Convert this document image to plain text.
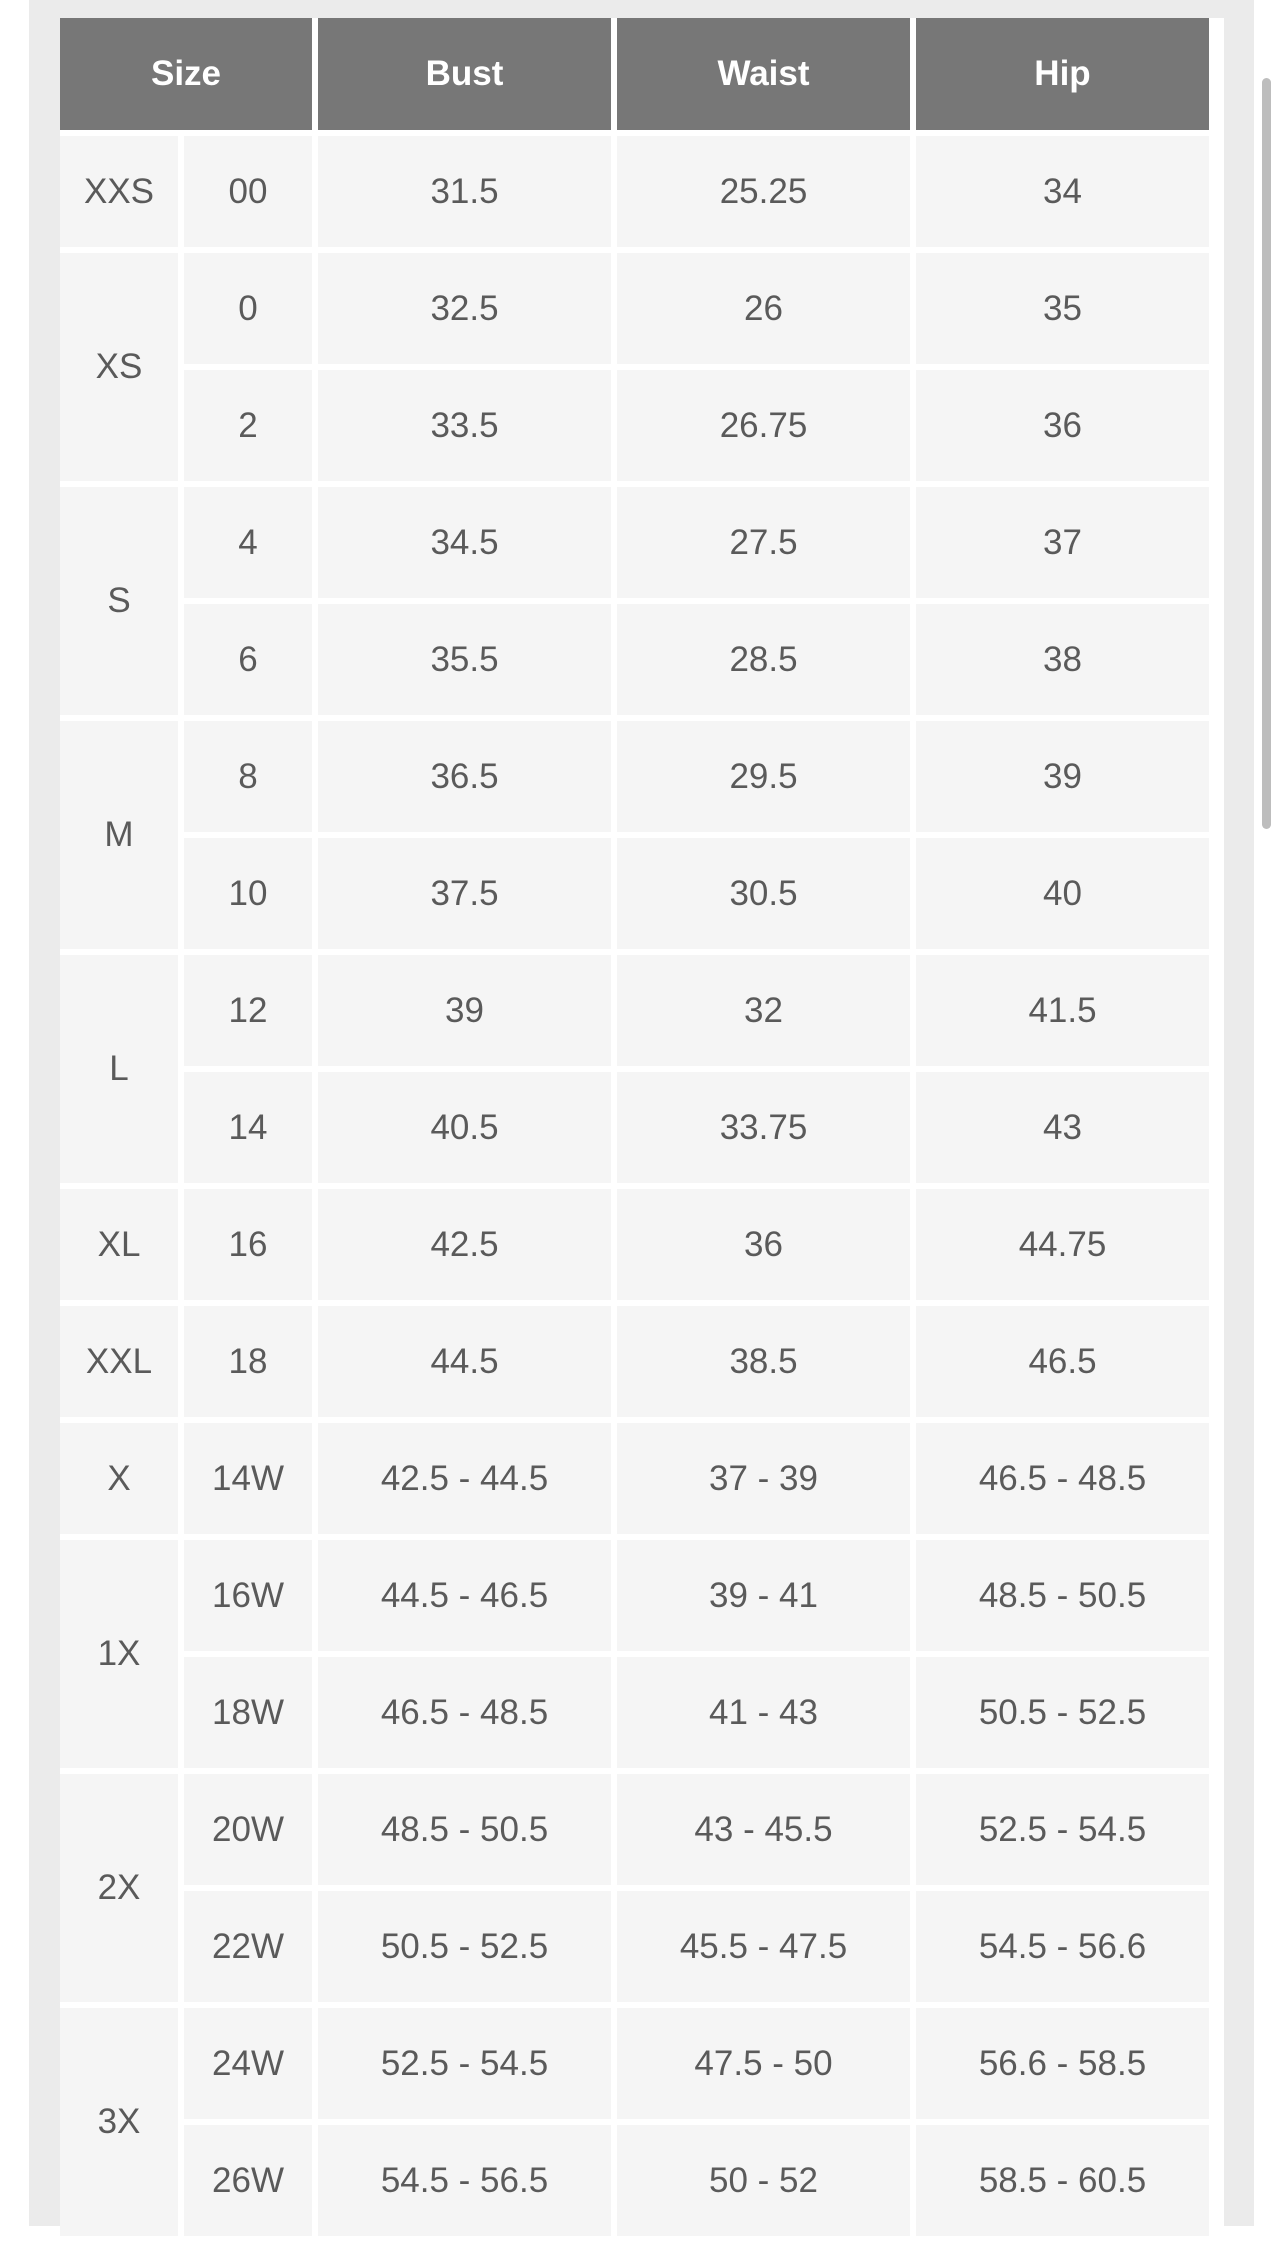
Size		Bust	Waist	Hip
XXS	00	31.5	25.25	34
XS	0	32.5	26	35
	2	33.5	26.75	36
S	4	34.5	27.5	37
	6	35.5	28.5	38
M	8	36.5	29.5	39
	10	37.5	30.5	40
L	12	39	32	41.5
	14	40.5	33.75	43
XL	16	42.5	36	44.75
XXL	18	44.5	38.5	46.5
X	14W	42.5 - 44.5	37 - 39	46.5 - 48.5
1X	16W	44.5 - 46.5	39 - 41	48.5 - 50.5
	18W	46.5 - 48.5	41 - 43	50.5 - 52.5
2X	20W	48.5 - 50.5	43 - 45.5	52.5 - 54.5
	22W	50.5 - 52.5	45.5 - 47.5	54.5 - 56.6
3X	24W	52.5 - 54.5	47.5 - 50	56.6 - 58.5
	26W	54.5 - 56.5	50 - 52	58.5 - 60.5
